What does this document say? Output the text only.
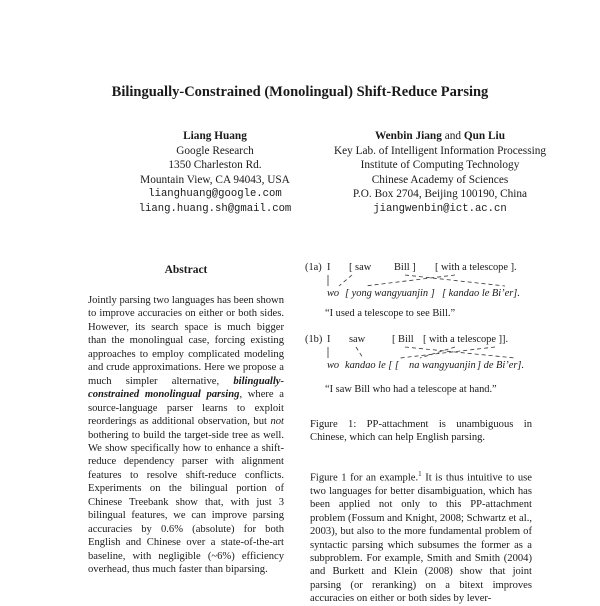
Bilingually-Constrained (Monolingual) Shift-Reduce Parsing
Liang Huang
Google Research
1350 Charleston Rd.
Mountain View, CA 94043, USA
lianghuang@google.com
liang.huang.sh@gmail.com
Wenbin Jiang and Qun Liu
Key Lab. of Intelligent Information Processing
Institute of Computing Technology
Chinese Academy of Sciences
P.O. Box 2704, Beijing 100190, China
jiangwenbin@ict.ac.cn
Abstract
Jointly parsing two languages has been shown to improve accuracies on either or both sides. However, its search space is much bigger than the monolingual case, forcing existing approaches to employ complicated modeling and crude approximations. Here we propose a much simpler alternative, bilingually-constrained monolingual parsing, where a source-language parser learns to exploit reorderings as additional observation, but not bothering to build the target-side tree as well. We show specifically how to enhance a shift-reduce dependency parser with alignment features to resolve shift-reduce conflicts. Experiments on the bilingual portion of Chinese Treebank show that, with just 3 bilingual features, we can improve parsing accuracies by 0.6% (absolute) for both English and Chinese over a state-of-the-art baseline, with negligible (~6%) efficiency overhead, thus much faster than biparsing.
(1a) I [ saw Bill ] [ with a telescope ].
wo [ yong wangyuanjin ] [ kandao le Bi’er].
“I used a telescope to see Bill.”
(1b) I saw	[ Bill [ with a telescope ]].
wo kandao le [ [ na wangyuanjin ] de Bi’er].
“I saw Bill who had a telescope at hand.”
Figure 1: PP-attachment is unambiguous in Chinese, which can help English parsing.
Figure 1 for an example.$^1$ It is thus intuitive to use two languages for better disambiguation, which has been applied not only to this PP-attachment problem (Fossum and Knight, 2008; Schwartz et al., 2003), but also to the more fundamental problem of syntactic parsing which subsumes the former as a subproblem. For example, Smith and Smith (2004) and Burkett and Klein (2008) show that joint parsing (or reranking) on a bitext improves accuracies on either or both sides by lever-
